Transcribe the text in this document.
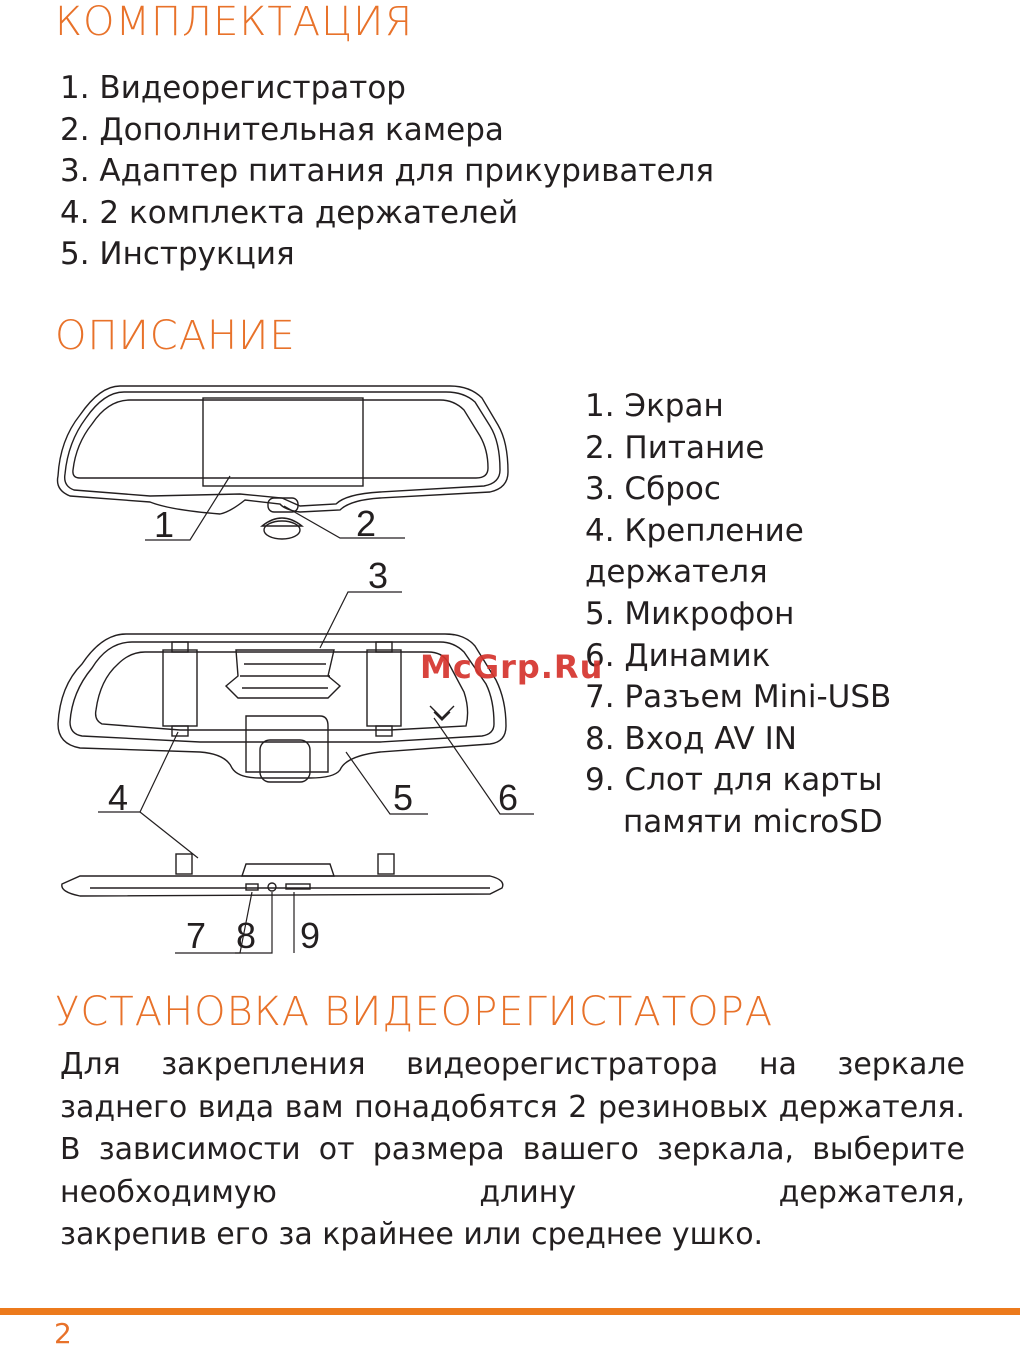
КОМПЛЕКТАЦИЯ
1. Видеорегистратор
2. Дополнительная камера
3. Адаптер питания для прикуривателя
4. 2 комплекта держателей
5. Инструкция
ОПИСАНИЕ
1	2
3
4	5 6
7 8 9
1. Экран
2. Питание
3. Сброс
4. Крепление
держателя
5. Микрофон
6. Динамик
7. Разъем Mini-USB
8. Вход AV IN
9. Слот для карты
памяти microSD
McGrp.Ru
УСТАНОВКА ВИДЕОРЕГИСТАТОРА

Для закрепления видеорегистратора на зеркале заднего вида вам понадобятся 2 резиновых держателя. В зависимости от размера вашего зеркала, выберите необходимую длину держателя,
закрепив его за крайнее или среднее ушко.

2
